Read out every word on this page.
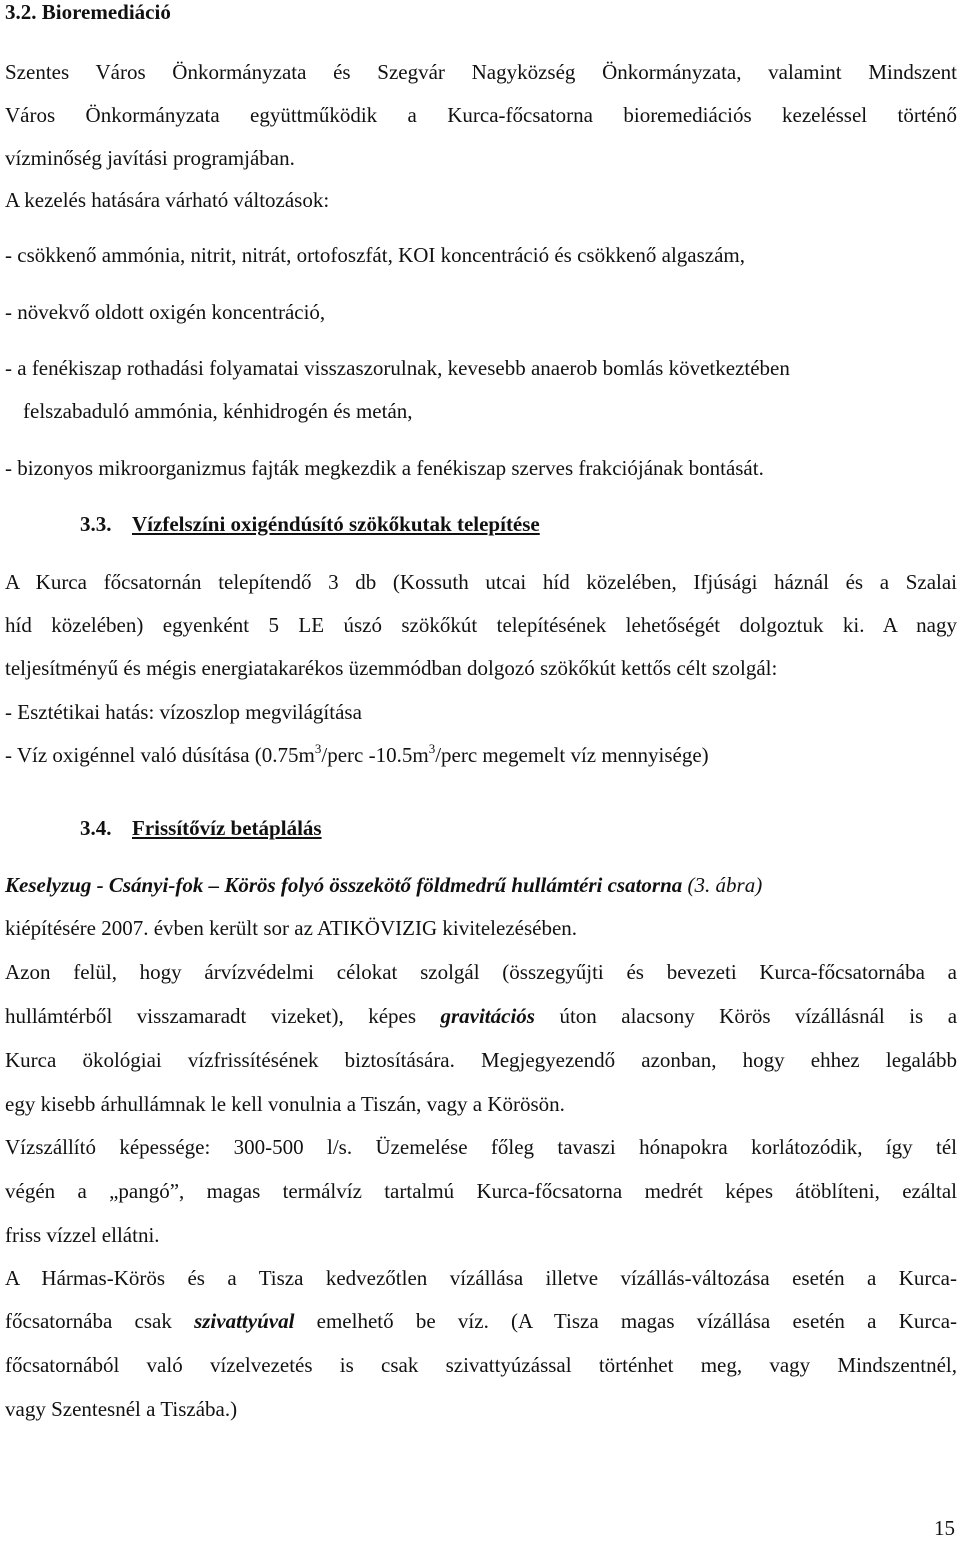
3.2. Bioremediáció
Szentes Város Önkormányzata és Szegvár Nagyközség Önkormányzata, valamint Mindszent
Város Önkormányzata együttműködik a Kurca-főcsatorna bioremediációs kezeléssel történő
vízminőség javítási programjában.
A kezelés hatására várható változások:
- csökkenő ammónia, nitrit, nitrát, ortofoszfát, KOI koncentráció és csökkenő algaszám,
- növekvő oldott oxigén koncentráció,
- a fenékiszap rothadási folyamatai visszaszorulnak, kevesebb anaerob bomlás következtében
felszabaduló ammónia, kénhidrogén és metán,
- bizonyos mikroorganizmus fajták megkezdik a fenékiszap szerves frakciójának bontását.
3.3. Vízfelszíni oxigéndúsító szökőkutak telepítése
A Kurca főcsatornán telepítendő 3 db (Kossuth utcai híd közelében, Ifjúsági háznál és a Szalai
híd közelében) egyenként 5 LE úszó szökőkút telepítésének lehetőségét dolgoztuk ki. A nagy
teljesítményű és mégis energiatakarékos üzemmódban dolgozó szökőkút kettős célt szolgál:
- Esztétikai hatás: vízoszlop megvilágítása
- Víz oxigénnel való dúsítása ($0.75m^3$/perc $-10.5m^3$/perc megemelt víz mennyisége)
3.4. Frissítővíz betáplálás
Keselyzug - Csányi-fok – Körös folyó összekötő földmedrű hullámtéri csatorna (3. ábra)
kiépítésére 2007. évben került sor az ATIKÖVIZIG kivitelezésében.
Azon felül, hogy árvízvédelmi célokat szolgál (összegyűjti és bevezeti Kurca-főcsatornába a
hullámtérből visszamaradt vizeket), képes gravitációs úton alacsony Körös vízállásnál is a
Kurca ökológiai vízfrissítésének biztosítására. Megjegyezendő azonban, hogy ehhez legalább
egy kisebb árhullámnak le kell vonulnia a Tiszán, vagy a Körösön.
Vízszállító képessége: 300-500 l/s. Üzemelése főleg tavaszi hónapokra korlátozódik, így tél
végén a „pangó”, magas termálvíz tartalmú Kurca-főcsatorna medrét képes átöblíteni, ezáltal
friss vízzel ellátni.
A Hármas-Körös és a Tisza kedvezőtlen vízállása illetve vízállás-változása esetén a Kurca-
főcsatornába csak szivattyúval emelhető be víz. (A Tisza magas vízállása esetén a Kurca-
főcsatornából való vízelvezetés is csak szivattyúzással történhet meg, vagy Mindszentnél,
vagy Szentesnél a Tiszába.)
15
